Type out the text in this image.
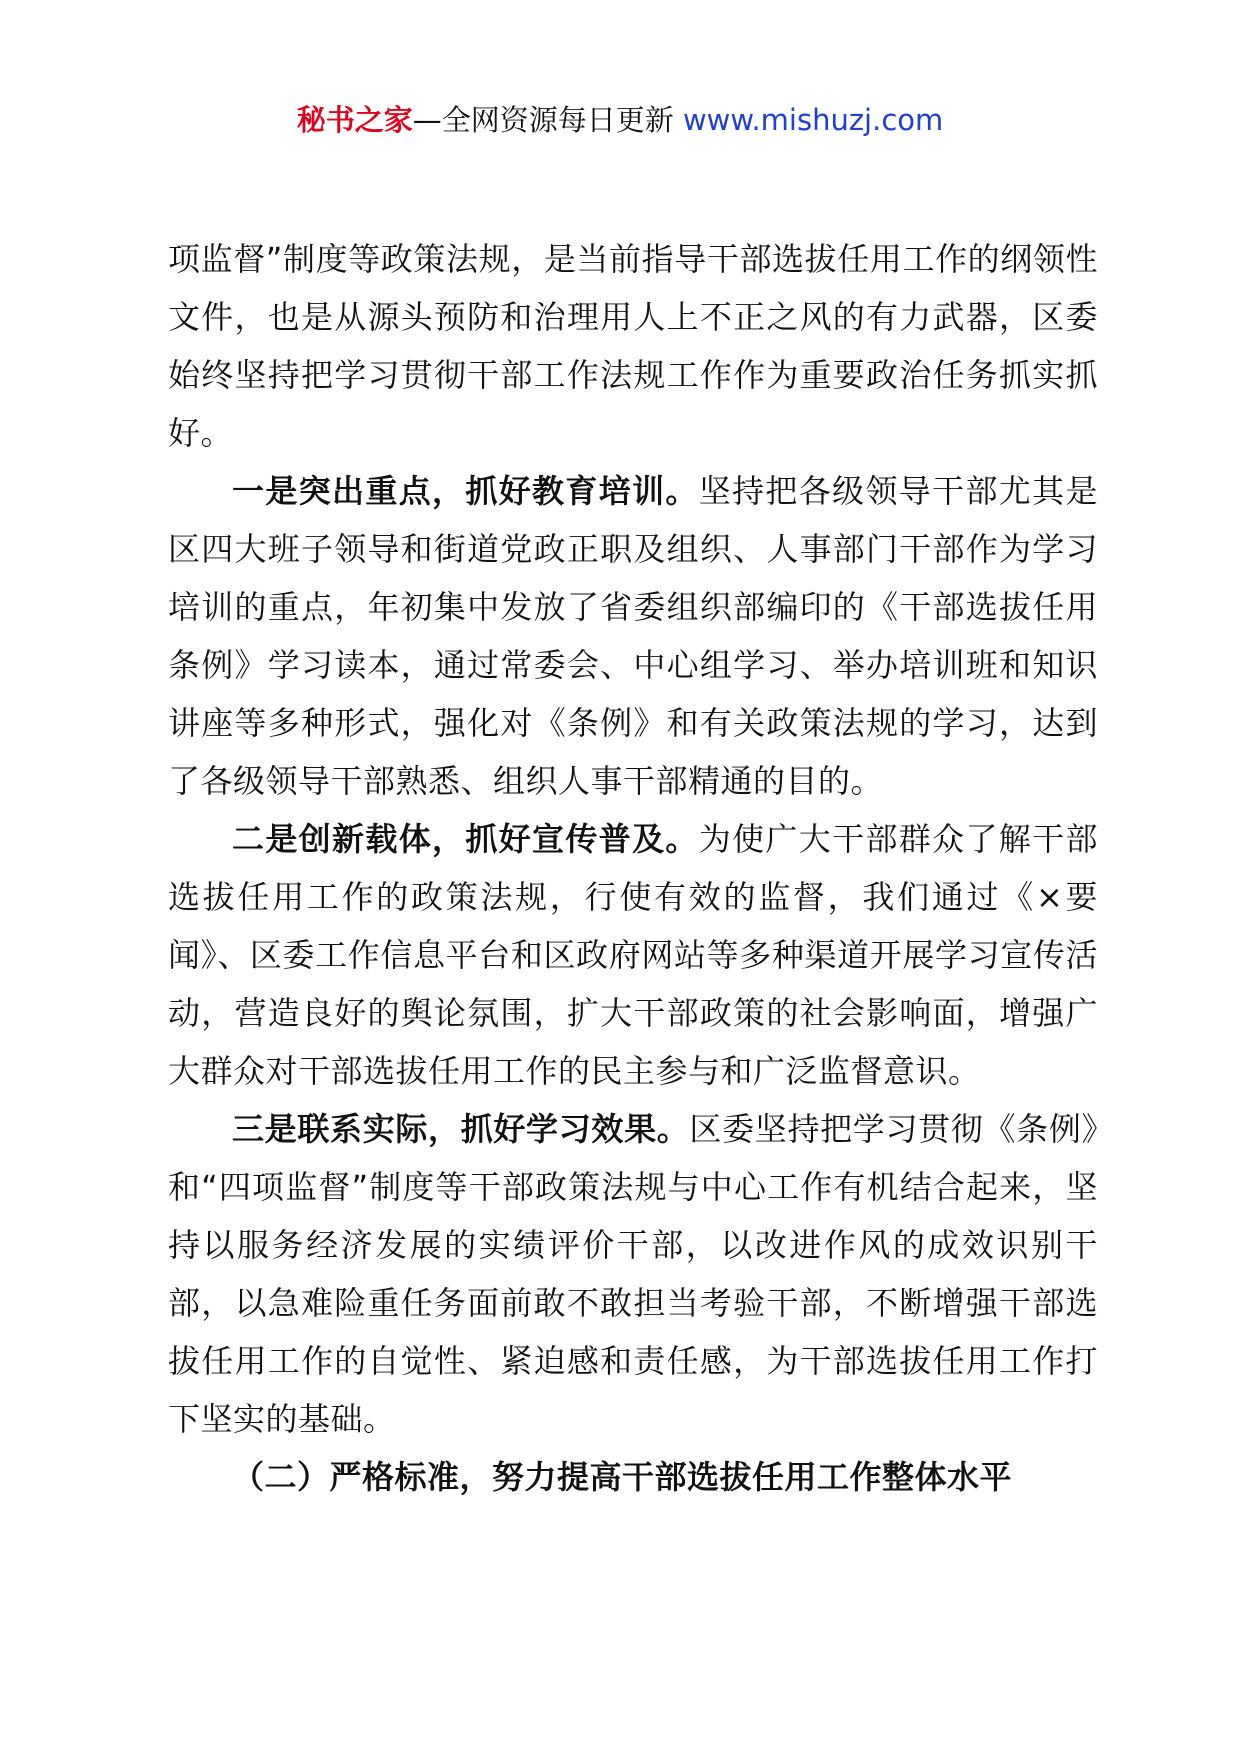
秘书之家—全网资源每日更新 www.mishuzj.com

项监督”制度等政策法规，是当前指导干部选拔任用工作的纲领性文件，也是从源头预防和治理用人上不正之风的有力武器，区委始终坚持把学习贯彻干部工作法规工作作为重要政治任务抓实抓好。

一是突出重点，抓好教育培训。坚持把各级领导干部尤其是区四大班子领导和街道党政正职及组织、人事部门干部作为学习培训的重点，年初集中发放了省委组织部编印的《干部选拔任用条例》学习读本，通过常委会、中心组学习、举办培训班和知识讲座等多种形式，强化对《条例》和有关政策法规的学习，达到了各级领导干部熟悉、组织人事干部精通的目的。

二是创新载体，抓好宣传普及。为使广大干部群众了解干部选拔任用工作的政策法规，行使有效的监督，我们通过《×要闻》、区委工作信息平台和区政府网站等多种渠道开展学习宣传活动，营造良好的舆论氛围，扩大干部政策的社会影响面，增强广大群众对干部选拔任用工作的民主参与和广泛监督意识。

三是联系实际，抓好学习效果。区委坚持把学习贯彻《条例》和“四项监督”制度等干部政策法规与中心工作有机结合起来，坚持以服务经济发展的实绩评价干部，以改进作风的成效识别干部，以急难险重任务面前敢不敢担当考验干部，不断增强干部选拔任用工作的自觉性、紧迫感和责任感，为干部选拔任用工作打下坚实的基础。

（二）严格标准，努力提高干部选拔任用工作整体水平
